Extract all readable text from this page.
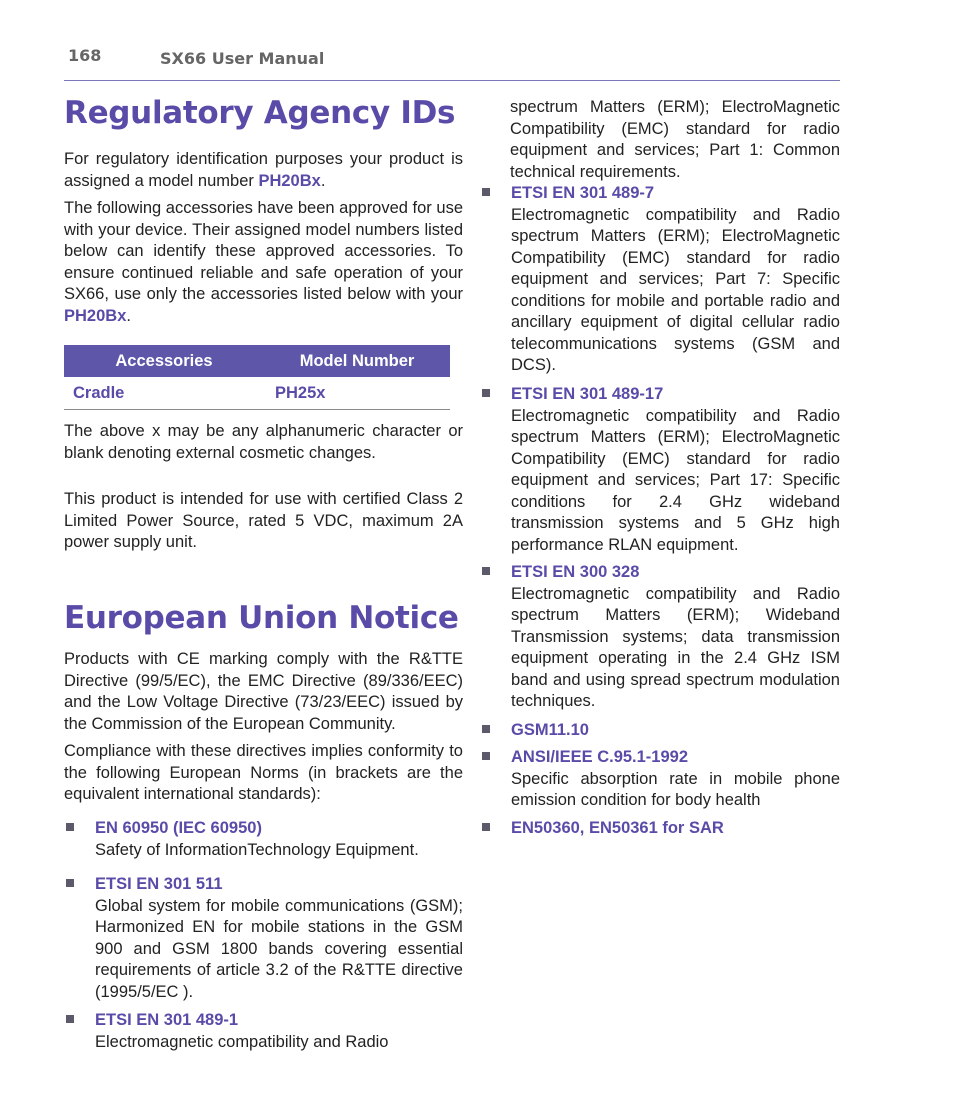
168	SX66 User Manual
Regulatory Agency IDs

For regulatory identification purposes your product is assigned a model number PH20Bx.

The following accessories have been approved for use with your device. Their assigned model numbers listed below can identify these approved accessories. To ensure continued reliable and safe operation of your SX66, use only the accessories listed below with your PH20Bx.

Accessories	Model Number
Cradle	PH25x

The above x may be any alphanumeric character or blank denoting external cosmetic changes.

This product is intended for use with certified Class 2 Limited Power Source, rated 5 VDC, maximum 2A power supply unit.

European Union Notice

Products with CE marking comply with the R&TTE Directive (99/5/EC), the EMC Directive (89/336/EEC) and the Low Voltage Directive (73/23/EEC) issued by the Commission of the European Community.

Compliance with these directives implies conformity to the following European Norms (in brackets are the equivalent international standards):

EN 60950 (IEC 60950)
Safety of InformationTechnology Equipment.
ETSI EN 301 511
Global system for mobile communications (GSM); Harmonized EN for mobile stations in the GSM 900 and GSM 1800 bands covering essential requirements of article 3.2 of the R&TTE directive (1995/5/EC ).
ETSI EN 301 489-1
Electromagnetic compatibility and Radio

spectrum Matters (ERM); ElectroMagnetic Compatibility (EMC) standard for radio equipment and services; Part 1: Common technical requirements.

ETSI EN 301 489-7
Electromagnetic compatibility and Radio spectrum Matters (ERM); ElectroMagnetic Compatibility (EMC) standard for radio equipment and services; Part 7: Specific conditions for mobile and portable radio and ancillary equipment of digital cellular radio telecommunications systems (GSM and DCS).
ETSI EN 301 489-17
Electromagnetic compatibility and Radio spectrum Matters (ERM); ElectroMagnetic Compatibility (EMC) standard for radio equipment and services; Part 17: Specific conditions for 2.4 GHz wideband transmission systems and 5 GHz high performance RLAN equipment.
ETSI EN 300 328
Electromagnetic compatibility and Radio spectrum Matters (ERM); Wideband Transmission systems; data transmission equipment operating in the 2.4 GHz ISM band and using spread spectrum modulation techniques.
GSM11.10
ANSI/IEEE C.95.1-1992
Specific absorption rate in mobile phone emission condition for body health
EN50360, EN50361 for SAR
